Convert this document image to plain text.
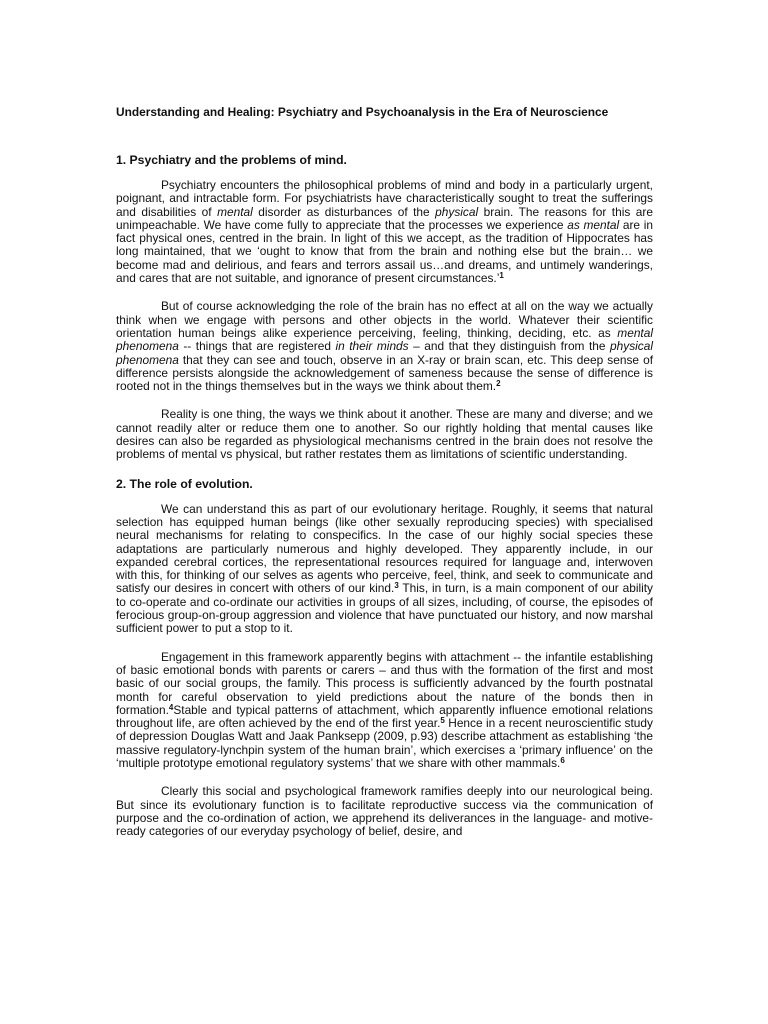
Understanding and Healing: Psychiatry and Psychoanalysis in the Era of Neuroscience
1. Psychiatry and the problems of mind.

Psychiatry encounters the philosophical problems of mind and body in a particularly urgent, poignant, and intractable form. For psychiatrists have characteristically sought to treat the sufferings and disabilities of mental disorder as disturbances of the physical brain. The reasons for this are unimpeachable. We have come fully to appreciate that the processes we experience as mental are in fact physical ones, centred in the brain. In light of this we accept, as the tradition of Hippocrates has long maintained, that we ‘ought to know that from the brain and nothing else but the brain… we become mad and delirious, and fears and terrors assail us…and dreams, and untimely wanderings, and cares that are not suitable, and ignorance of present circumstances.’$^1$

But of course acknowledging the role of the brain has no effect at all on the way we actually think when we engage with persons and other objects in the world. Whatever their scientific orientation human beings alike experience perceiving, feeling, thinking, deciding, etc. as mental phenomena -- things that are registered in their minds – and that they distinguish from the physical phenomena that they can see and touch, observe in an X-ray or brain scan, etc. This deep sense of difference persists alongside the acknowledgement of sameness because the sense of difference is rooted not in the things themselves but in the ways we think about them.$^2$

Reality is one thing, the ways we think about it another. These are many and diverse; and we cannot readily alter or reduce them one to another. So our rightly holding that mental causes like desires can also be regarded as physiological mechanisms centred in the brain does not resolve the problems of mental vs physical, but rather restates them as limitations of scientific understanding.

2. The role of evolution.

We can understand this as part of our evolutionary heritage. Roughly, it seems that natural selection has equipped human beings (like other sexually reproducing species) with specialised neural mechanisms for relating to conspecifics. In the case of our highly social species these adaptations are particularly numerous and highly developed. They apparently include, in our expanded cerebral cortices, the representational resources required for language and, interwoven with this, for thinking of our selves as agents who perceive, feel, think, and seek to communicate and satisfy our desires in concert with others of our kind.$^3$ This, in turn, is a main component of our ability to co-operate and co-ordinate our activities in groups of all sizes, including, of course, the episodes of ferocious group-on-group aggression and violence that have punctuated our history, and now marshal sufficient power to put a stop to it.

Engagement in this framework apparently begins with attachment -- the infantile establishing of basic emotional bonds with parents or carers – and thus with the formation of the first and most basic of our social groups, the family. This process is sufficiently advanced by the fourth postnatal month for careful observation to yield predictions about the nature of the bonds then in formation.$^4$Stable and typical patterns of attachment, which apparently influence emotional relations throughout life, are often achieved by the end of the first year.$^5$ Hence in a recent neuroscientific study of depression Douglas Watt and Jaak Panksepp (2009, p.93) describe attachment as establishing ‘the massive regulatory-lynchpin system of the human brain’, which exercises a ‘primary influence’ on the ‘multiple prototype emotional regulatory systems’ that we share with other mammals.$^6$

Clearly this social and psychological framework ramifies deeply into our neurological being. But since its evolutionary function is to facilitate reproductive success via the communication of purpose and the co-ordination of action, we apprehend its deliverances in the language- and motive-ready categories of our everyday psychology of belief, desire, and
